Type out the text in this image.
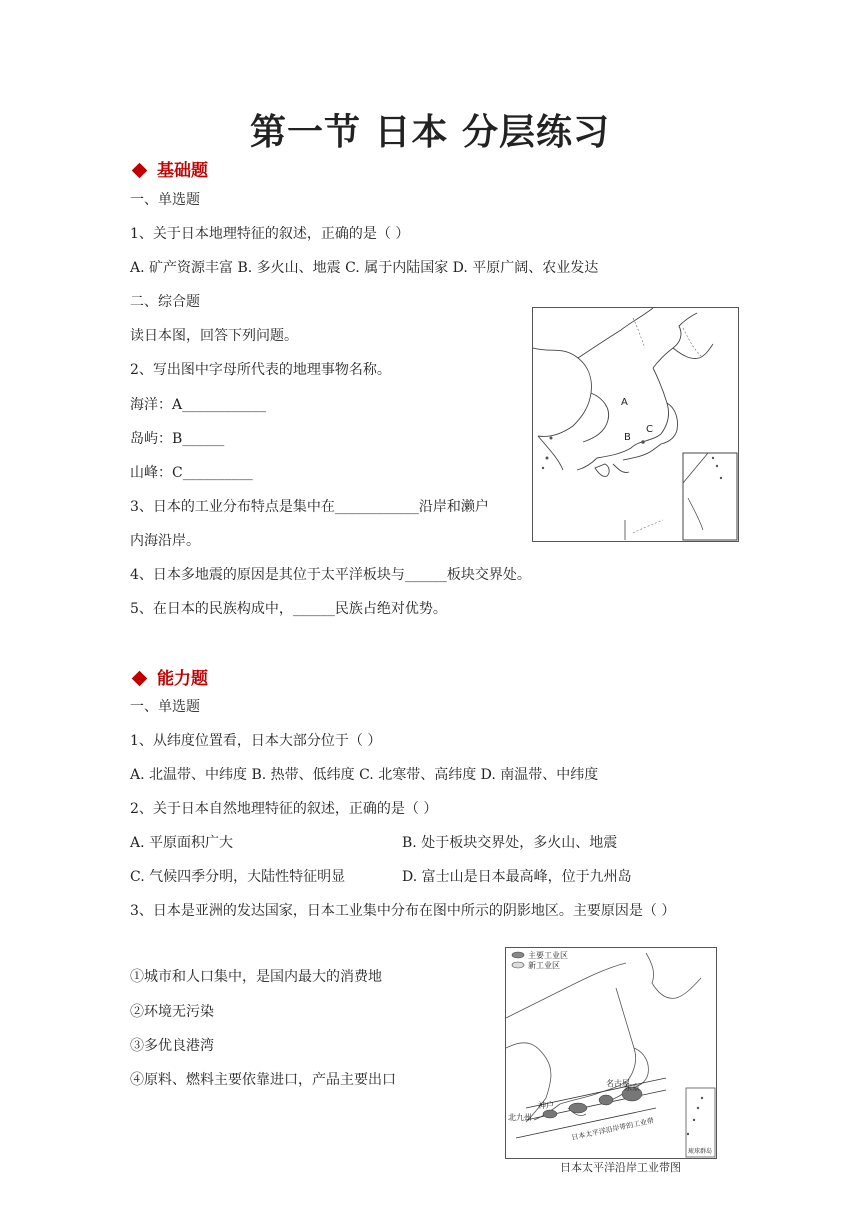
第一节 日本 分层练习
基础题
一、单选题
1、关于日本地理特征的叙述，正确的是（ ）
A. 矿产资源丰富 B. 多火山、地震 C. 属于内陆国家 D. 平原广阔、农业发达
二、综合题
读日本图，回答下列问题。
2、写出图中字母所代表的地理事物名称。
海洋：A____________
岛屿：B______
山峰：C__________
3、日本的工业分布特点是集中在____________沿岸和濑户
内海沿岸。
4、日本多地震的原因是其位于太平洋板块与______板块交界处。
5、在日本的民族构成中，______民族占绝对优势。
A
B
C
能力题
一、单选题
1、从纬度位置看，日本大部分位于（ ）
A. 北温带、中纬度 B. 热带、低纬度 C. 北寒带、高纬度 D. 南温带、中纬度
2、关于日本自然地理特征的叙述，正确的是（ ）
A. 平原面积广大	B. 处于板块交界处，多火山、地震
C. 气候四季分明，大陆性特征明显	D. 富士山是日本最高峰，位于九州岛
3、日本是亚洲的发达国家，日本工业集中分布在图中所示的阴影地区。主要原因是（ ）
①城市和人口集中，是国内最大的消费地
②环境无污染
③多优良港湾
④原料、燃料主要依靠进口，产品主要出口
主要工业区
新工业区
名古屋
东京
神户
北九州	日本太平洋沿岸带的工业带
琉球群岛
日本太平洋沿岸工业带图
